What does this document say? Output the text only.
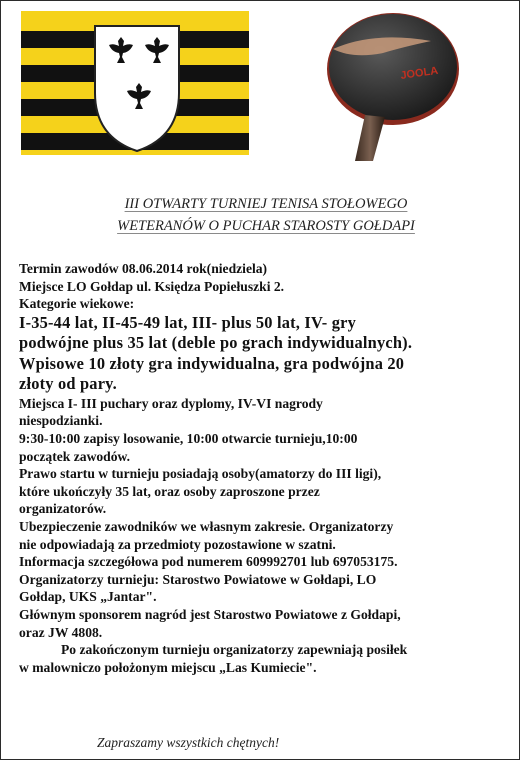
JOOLA
III OTWARTY TURNIEJ TENISA STOŁOWEGO
WETERANÓW O PUCHAR STAROSTY GOŁDAPI
Termin zawodów 08.06.2014 rok(niedziela)
Miejsce LO Gołdap ul. Księdza Popiełuszki 2.
Kategorie wiekowe:
I-35-44 lat, II-45-49 lat, III- plus 50 lat, IV- gry
podwójne plus 35 lat (deble po grach indywidualnych).
Wpisowe 10 złoty gra indywidualna, gra podwójna 20
złoty od pary.
Miejsca I- III puchary oraz dyplomy, IV-VI nagrody
niespodzianki.
9:30-10:00 zapisy losowanie, 10:00 otwarcie turnieju,10:00
początek zawodów.
Prawo startu w turnieju posiadają osoby(amatorzy do III ligi),
które ukończyły 35 lat, oraz osoby zaproszone przez
organizatorów.
Ubezpieczenie zawodników we własnym zakresie. Organizatorzy
nie odpowiadają za przedmioty pozostawione w szatni.
Informacja szczegółowa pod numerem 609992701 lub 697053175.
Organizatorzy turnieju: Starostwo Powiatowe w Gołdapi, LO
Gołdap, UKS „Jantar".
Głównym sponsorem nagród jest Starostwo Powiatowe z Gołdapi,
oraz JW 4808.
Po zakończonym turnieju organizatorzy zapewniają posiłek
w malowniczo położonym miejscu „Las Kumiecie".
Zapraszamy wszystkich chętnych!
